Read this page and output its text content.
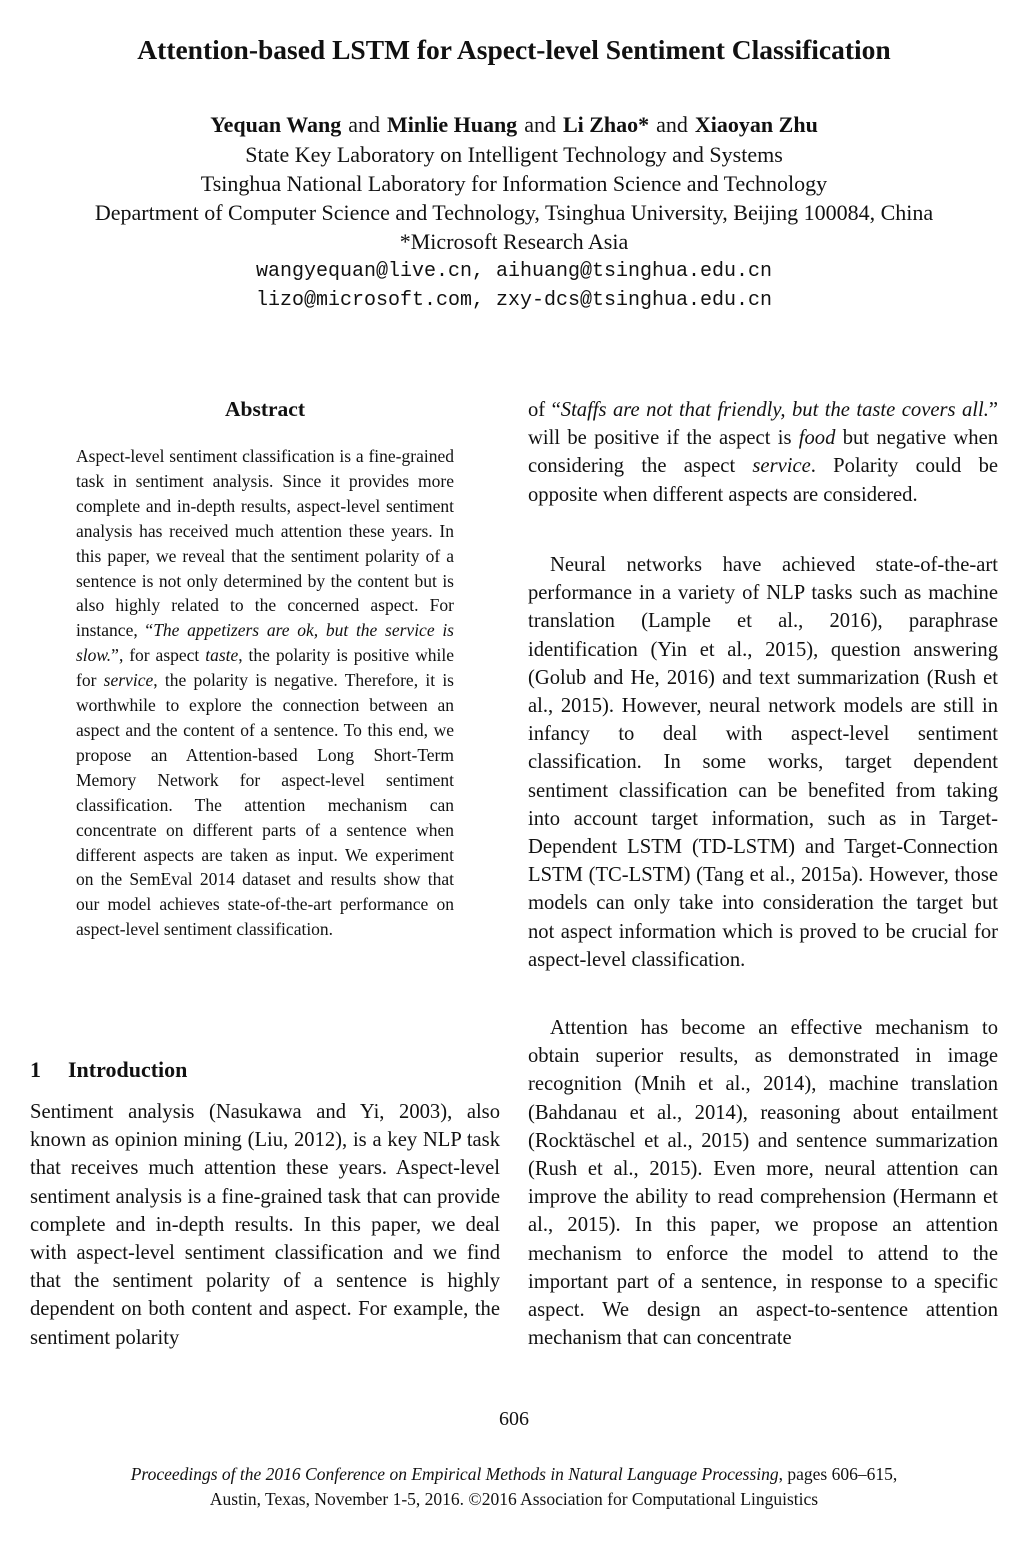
Attention-based LSTM for Aspect-level Sentiment Classification
Yequan Wang and Minlie Huang and Li Zhao* and Xiaoyan Zhu
State Key Laboratory on Intelligent Technology and Systems
Tsinghua National Laboratory for Information Science and Technology
Department of Computer Science and Technology, Tsinghua University, Beijing 100084, China
*Microsoft Research Asia
wangyequan@live.cn, aihuang@tsinghua.edu.cn
lizo@microsoft.com, zxy-dcs@tsinghua.edu.cn
Abstract

Aspect-level sentiment classification is a fine-grained task in sentiment analysis. Since it provides more complete and in-depth results, aspect-level sentiment analysis has received much attention these years. In this paper, we reveal that the sentiment polarity of a sentence is not only determined by the content but is also highly related to the concerned aspect. For instance, “The appetizers are ok, but the service is slow.”, for aspect taste, the polarity is positive while for service, the polarity is negative. Therefore, it is worthwhile to explore the connection between an aspect and the content of a sentence. To this end, we propose an Attention-based Long Short-Term Memory Network for aspect-level sentiment classification. The attention mechanism can concentrate on different parts of a sentence when different aspects are taken as input. We experiment on the SemEval 2014 dataset and results show that our model achieves state-of-the-art performance on aspect-level sentiment classification.

1 Introduction

Sentiment analysis (Nasukawa and Yi, 2003), also known as opinion mining (Liu, 2012), is a key NLP task that receives much attention these years. Aspect-level sentiment analysis is a fine-grained task that can provide complete and in-depth results. In this paper, we deal with aspect-level sentiment classification and we find that the sentiment polarity of a sentence is highly dependent on both content and aspect. For example, the sentiment polarity

of “Staffs are not that friendly, but the taste covers all.” will be positive if the aspect is food but negative when considering the aspect service. Polarity could be opposite when different aspects are considered.

Neural networks have achieved state-of-the-art performance in a variety of NLP tasks such as machine translation (Lample et al., 2016), paraphrase identification (Yin et al., 2015), question answering (Golub and He, 2016) and text summarization (Rush et al., 2015). However, neural network models are still in infancy to deal with aspect-level sentiment classification. In some works, target dependent sentiment classification can be benefited from taking into account target information, such as in Target-Dependent LSTM (TD-LSTM) and Target-Connection LSTM (TC-LSTM) (Tang et al., 2015a). However, those models can only take into consideration the target but not aspect information which is proved to be crucial for aspect-level classification.

Attention has become an effective mechanism to obtain superior results, as demonstrated in image recognition (Mnih et al., 2014), machine translation (Bahdanau et al., 2014), reasoning about entailment (Rocktäschel et al., 2015) and sentence summarization (Rush et al., 2015). Even more, neural attention can improve the ability to read comprehension (Hermann et al., 2015). In this paper, we propose an attention mechanism to enforce the model to attend to the important part of a sentence, in response to a specific aspect. We design an aspect-to-sentence attention mechanism that can concentrate

606
Proceedings of the 2016 Conference on Empirical Methods in Natural Language Processing, pages 606–615,
Austin, Texas, November 1-5, 2016. ©2016 Association for Computational Linguistics
